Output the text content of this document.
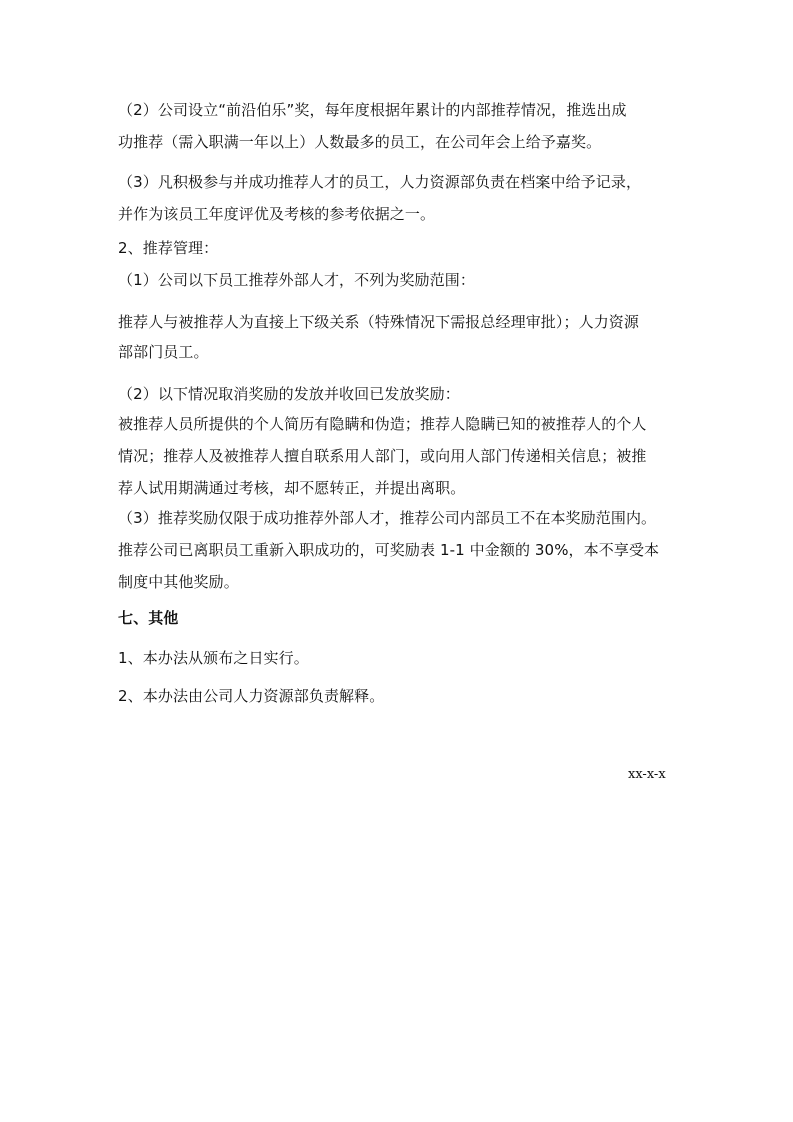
（2）公司设立“前沿伯乐”奖，每年度根据年累计的内部推荐情况，推选出成
功推荐（需入职满一年以上）人数最多的员工，在公司年会上给予嘉奖。
（3）凡积极参与并成功推荐人才的员工，人力资源部负责在档案中给予记录，
并作为该员工年度评优及考核的参考依据之一。
2、推荐管理：
（1）公司以下员工推荐外部人才，不列为奖励范围：
推荐人与被推荐人为直接上下级关系（特殊情况下需报总经理审批）；人力资源
部部门员工。
（2）以下情况取消奖励的发放并收回已发放奖励：
被推荐人员所提供的个人简历有隐瞒和伪造；推荐人隐瞒已知的被推荐人的个人
情况；推荐人及被推荐人擅自联系用人部门，或向用人部门传递相关信息；被推
荐人试用期满通过考核，却不愿转正，并提出离职。
（3）推荐奖励仅限于成功推荐外部人才，推荐公司内部员工不在本奖励范围内。
推荐公司已离职员工重新入职成功的，可奖励表 1-1 中金额的 30%，本不享受本
制度中其他奖励。
七、其他
1、本办法从颁布之日实行。
2、本办法由公司人力资源部负责解释。
xx-x-x
